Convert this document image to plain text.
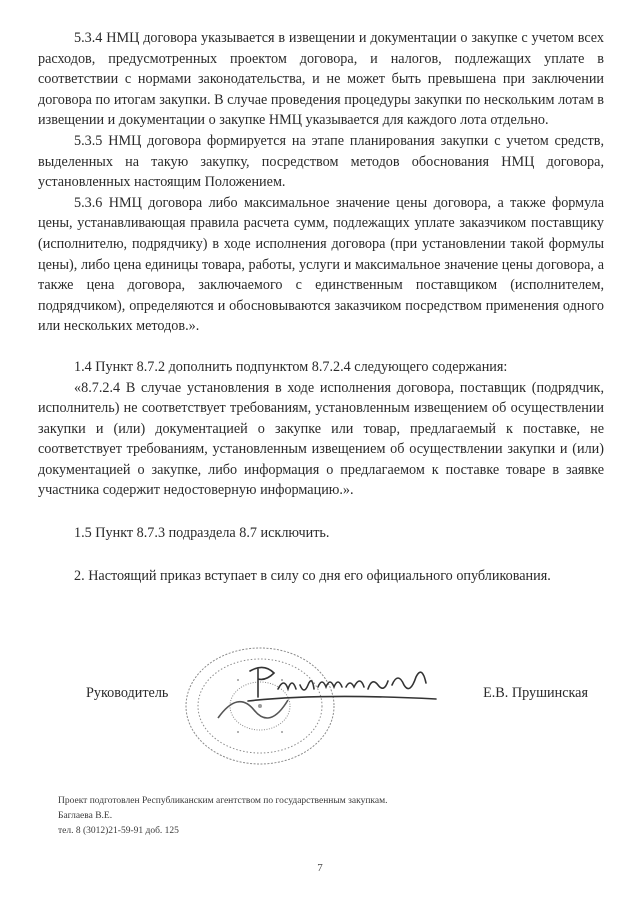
5.3.4 НМЦ договора указывается в извещении и документации о закупке с учетом всех расходов, предусмотренных проектом договора, и налогов, подлежащих уплате в соответствии с нормами законодательства, и не может быть превышена при заключении договора по итогам закупки. В случае проведения процедуры закупки по нескольким лотам в извещении и документации о закупке НМЦ указывается для каждого лота отдельно.

5.3.5 НМЦ договора формируется на этапе планирования закупки с учетом средств, выделенных на такую закупку, посредством методов обоснования НМЦ договора, установленных настоящим Положением.

5.3.6 НМЦ договора либо максимальное значение цены договора, а также формула цены, устанавливающая правила расчета сумм, подлежащих уплате заказчиком поставщику (исполнителю, подрядчику) в ходе исполнения договора (при установлении такой формулы цены), либо цена единицы товара, работы, услуги и максимальное значение цены договора, а также цена договора, заключаемого с единственным поставщиком (исполнителем, подрядчиком), определяются и обосновываются заказчиком посредством применения одного или нескольких методов.».

1.4 Пункт 8.7.2 дополнить подпунктом 8.7.2.4 следующего содержания:

«8.7.2.4 В случае установления в ходе исполнения договора, поставщик (подрядчик, исполнитель) не соответствует требованиям, установленным извещением об осуществлении закупки и (или) документацией о закупке или товар, предлагаемый к поставке, не соответствует требованиям, установленным извещением об осуществлении закупки и (или) документацией о закупке, либо информация о предлагаемом к поставке товаре в заявке участника содержит недостоверную информацию.».

1.5 Пункт 8.7.3 подраздела 8.7 исключить.

2. Настоящий приказ вступает в силу со дня его официального опубликования.

Руководитель	Е.В. Прушинская
Проект подготовлен Республиканским агентством по государственным закупкам.
Баглаева В.Е.
тел. 8 (3012)21-59-91 доб. 125
7
